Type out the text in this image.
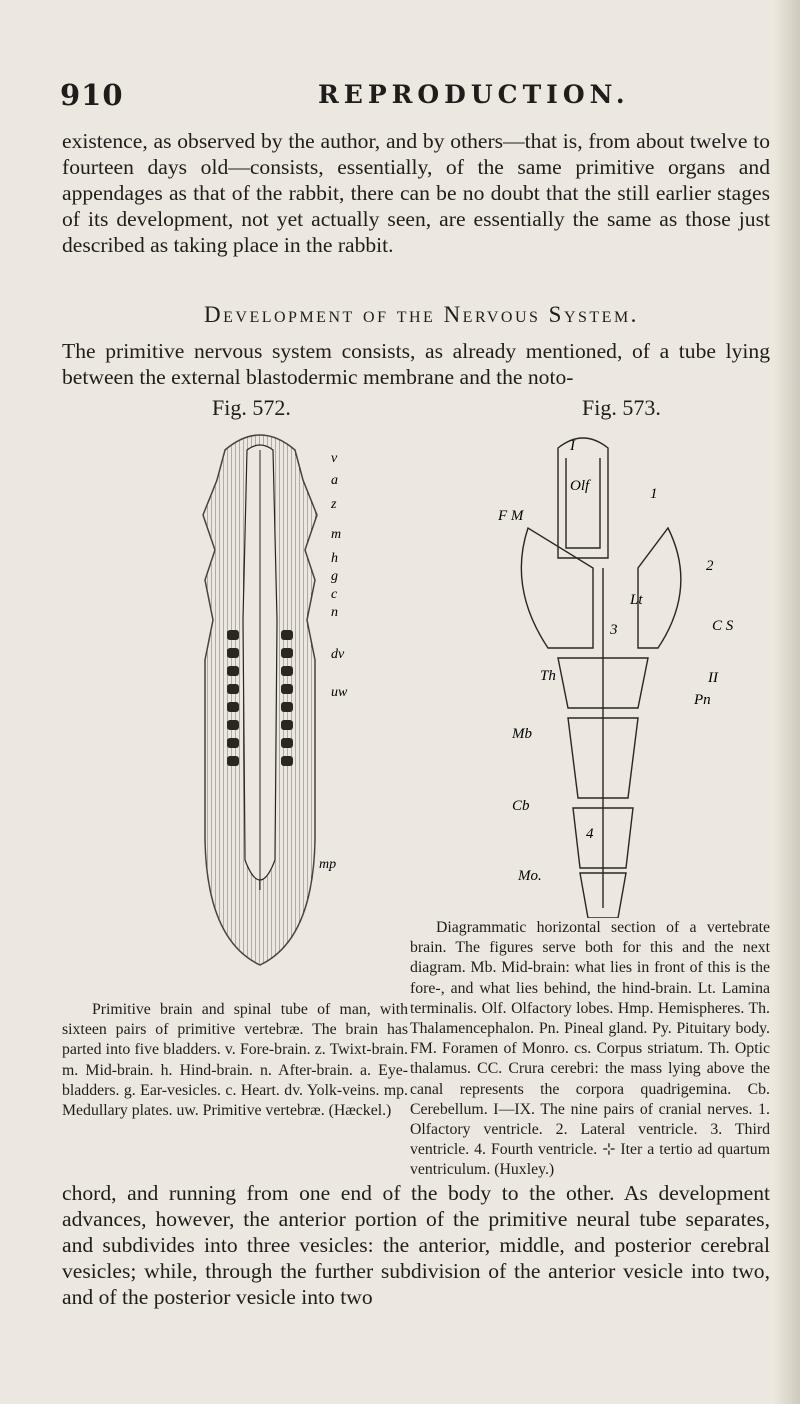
910	REPRODUCTION.
existence, as observed by the author, and by others—that is, from about twelve to fourteen days old—consists, essentially, of the same primitive organs and appendages as that of the rabbit, there can be no doubt that the still earlier stages of its development, not yet actually seen, are essentially the same as those just described as taking place in the rabbit.
Development of the Nervous System.
The primitive nervous system consists, as already mentioned, of a tube lying between the external blastodermic membrane and the noto-
Fig. 572.	Fig. 573.
v
a
z
m
h
g
c
n
dv
uw
mp
I
Olf	1
F M
2
Lt
3	C S
Th	II
Pn
Mb
Cb
4
Mo.
Primitive brain and spinal tube of man, with sixteen pairs of primitive vertebræ. The brain has parted into five bladders. v. Fore-brain. z. Twixt-brain. m. Mid-brain. h. Hind-brain. n. After-brain. a. Eye-bladders. g. Ear-vesicles. c. Heart. dv. Yolk-veins. mp. Medullary plates. uw. Primitive vertebræ. (Hæckel.)
Diagrammatic horizontal section of a vertebrate brain. The figures serve both for this and the next diagram. Mb. Mid-brain: what lies in front of this is the fore-, and what lies behind, the hind-brain. Lt. Lamina terminalis. Olf. Olfactory lobes. Hmp. Hemispheres. Th. Thalamencephalon. Pn. Pineal gland. Py. Pituitary body. FM. Foramen of Monro. cs. Corpus striatum. Th. Optic thalamus. CC. Crura cerebri: the mass lying above the canal represents the corpora quadrigemina. Cb. Cerebellum. I—IX. The nine pairs of cranial nerves. 1. Olfactory ventricle. 2. Lateral ventricle. 3. Third ventricle. 4. Fourth ventricle. ⊹ Iter a tertio ad quartum ventriculum. (Huxley.)
chord, and running from one end of the body to the other. As development advances, however, the anterior portion of the primitive neural tube separates, and subdivides into three vesicles: the anterior, middle, and posterior cerebral vesicles; while, through the further subdivision of the anterior vesicle into two, and of the posterior vesicle into two
